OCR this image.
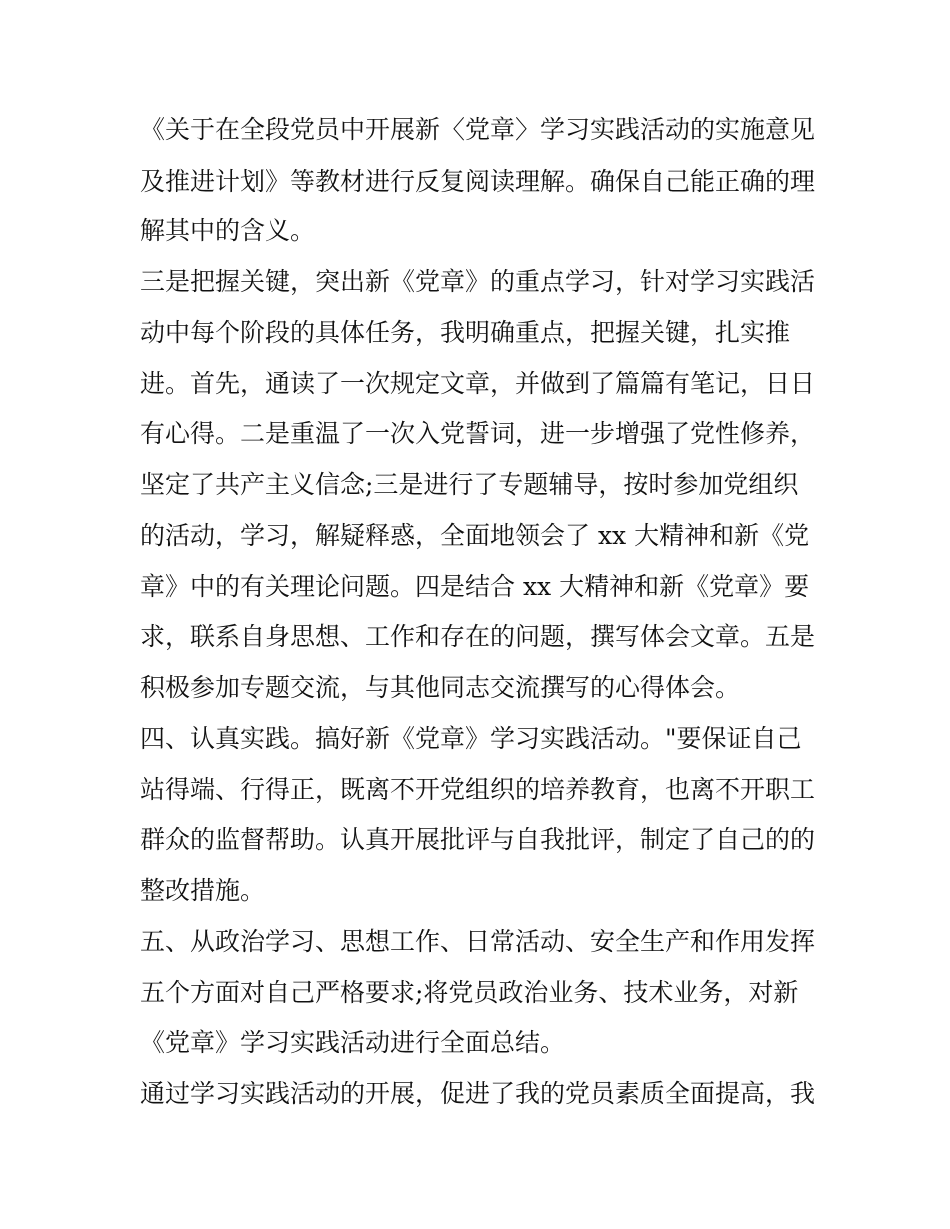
《关于在全段党员中开展新〈党章〉学习实践活动的实施意见

及推进计划》等教材进行反复阅读理解。确保自己能正确的理

解其中的含义。

三是把握关键，突出新《党章》的重点学习，针对学习实践活

动中每个阶段的具体任务，我明确重点，把握关键，扎实推

进。首先，通读了一次规定文章，并做到了篇篇有笔记，日日

有心得。二是重温了一次入党誓词，进一步增强了党性修养，

坚定了共产主义信念;三是进行了专题辅导，按时参加党组织

的活动，学习，解疑释惑，全面地领会了 xx 大精神和新《党

章》中的有关理论问题。四是结合 xx 大精神和新《党章》要

求，联系自身思想、工作和存在的问题，撰写体会文章。五是

积极参加专题交流，与其他同志交流撰写的心得体会。

四、认真实践。搞好新《党章》学习实践活动。"要保证自己

站得端、行得正，既离不开党组织的培养教育，也离不开职工

群众的监督帮助。认真开展批评与自我批评，制定了自己的的

整改措施。

五、从政治学习、思想工作、日常活动、安全生产和作用发挥

五个方面对自己严格要求;将党员政治业务、技术业务，对新

《党章》学习实践活动进行全面总结。

通过学习实践活动的开展，促进了我的党员素质全面提高，我
